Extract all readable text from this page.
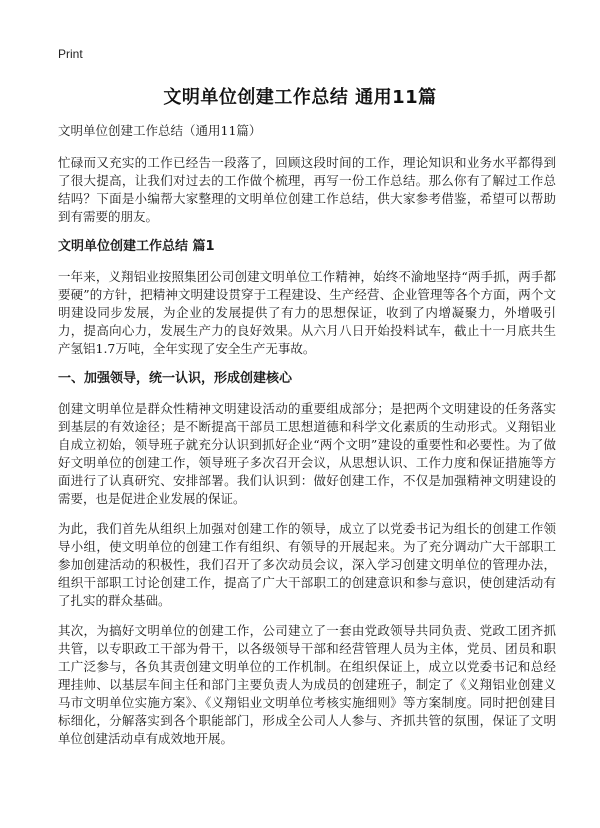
Print
文明单位创建工作总结 通用11篇
文明单位创建工作总结（通用11篇）

忙碌而又充实的工作已经告一段落了，回顾这段时间的工作，理论知识和业务水平都得到了很大提高，让我们对过去的工作做个梳理，再写一份工作总结。那么你有了解过工作总结吗？下面是小编帮大家整理的文明单位创建工作总结，供大家参考借鉴，希望可以帮助到有需要的朋友。

文明单位创建工作总结 篇1

一年来，义翔铝业按照集团公司创建文明单位工作精神，始终不渝地坚持“两手抓，两手都要硬”的方针，把精神文明建设贯穿于工程建设、生产经营、企业管理等各个方面，两个文明建设同步发展，为企业的发展提供了有力的思想保证，收到了内增凝聚力，外增吸引力，提高向心力，发展生产力的良好效果。从六月八日开始投料试车，截止十一月底共生产氢铝1.7万吨，全年实现了安全生产无事故。

一、加强领导，统一认识，形成创建核心

创建文明单位是群众性精神文明建设活动的重要组成部分；是把两个文明建设的任务落实到基层的有效途径；是不断提高干部员工思想道德和科学文化素质的生动形式。义翔铝业自成立初始，领导班子就充分认识到抓好企业“两个文明”建设的重要性和必要性。为了做好文明单位的创建工作，领导班子多次召开会议，从思想认识、工作力度和保证措施等方面进行了认真研究、安排部署。我们认识到：做好创建工作，不仅是加强精神文明建设的需要，也是促进企业发展的保证。

为此，我们首先从组织上加强对创建工作的领导，成立了以党委书记为组长的创建工作领导小组，使文明单位的创建工作有组织、有领导的开展起来。为了充分调动广大干部职工参加创建活动的积极性，我们召开了多次动员会议，深入学习创建文明单位的管理办法，组织干部职工讨论创建工作，提高了广大干部职工的创建意识和参与意识，使创建活动有了扎实的群众基础。

其次，为搞好文明单位的创建工作，公司建立了一套由党政领导共同负责、党政工团齐抓共管，以专职政工干部为骨干，以各级领导干部和经营管理人员为主体，党员、团员和职工广泛参与，各负其责创建文明单位的工作机制。在组织保证上，成立以党委书记和总经理挂帅、以基层车间主任和部门主要负责人为成员的创建班子，制定了《义翔铝业创建义马市文明单位实施方案》、《义翔铝业文明单位考核实施细则》等方案制度。同时把创建目标细化，分解落实到各个职能部门，形成全公司人人参与、齐抓共管的氛围，保证了文明单位创建活动卓有成效地开展。
